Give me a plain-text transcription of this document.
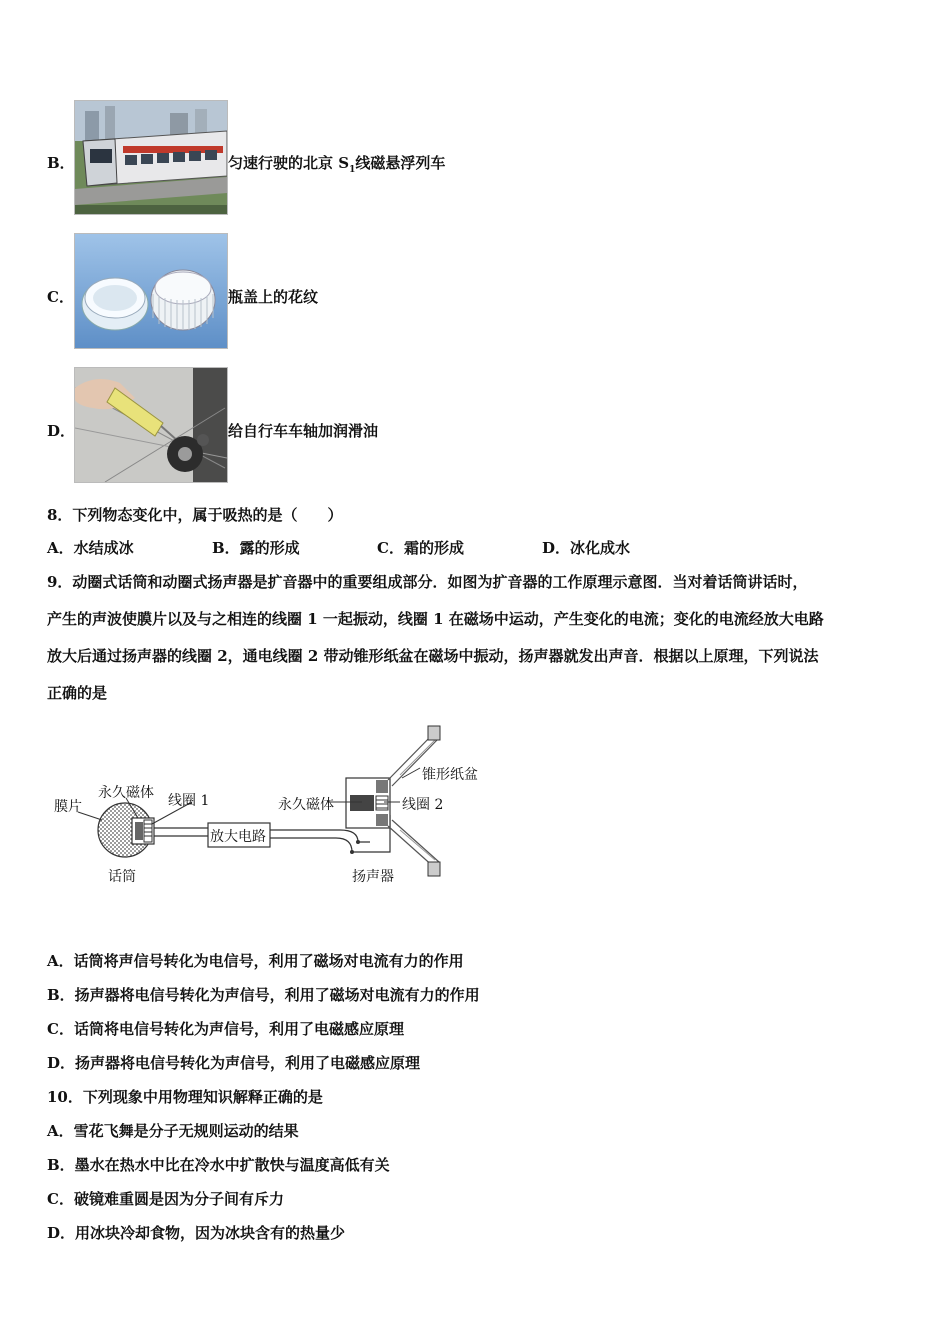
B．	匀速行驶的北京 $S_1$线磁悬浮列车
C．	瓶盖上的花纹
D．	给自行车车轴加润滑油
8．下列物态变化中，属于吸热的是（　　）
A．水结成冰	B．露的形成	C．霜的形成	D．冰化成水
9．动圈式话筒和动圈式扬声器是扩音器中的重要组成部分．如图为扩音器的工作原理示意图．当对着话筒讲话时，
产生的声波使膜片以及与之相连的线圈 1 一起振动，线圈 1 在磁场中运动，产生变化的电流；变化的电流经放大电路
放大后通过扬声器的线圈 2，通电线圈 2 带动锥形纸盆在磁场中振动，扬声器就发出声音．根据以上原理，下列说法
正确的是
膜片
永久磁体 线圈 1
放大电路
永久磁体	线圈 2
锥形纸盆
话筒	扬声器
A．话筒将声信号转化为电信号，利用了磁场对电流有力的作用
B．扬声器将电信号转化为声信号，利用了磁场对电流有力的作用
C．话筒将电信号转化为声信号，利用了电磁感应原理
D．扬声器将电信号转化为声信号，利用了电磁感应原理
10．下列现象中用物理知识解释正确的是
A．雪花飞舞是分子无规则运动的结果
B．墨水在热水中比在冷水中扩散快与温度高低有关
C．破镜难重圆是因为分子间有斥力
D．用冰块冷却食物，因为冰块含有的热量少
